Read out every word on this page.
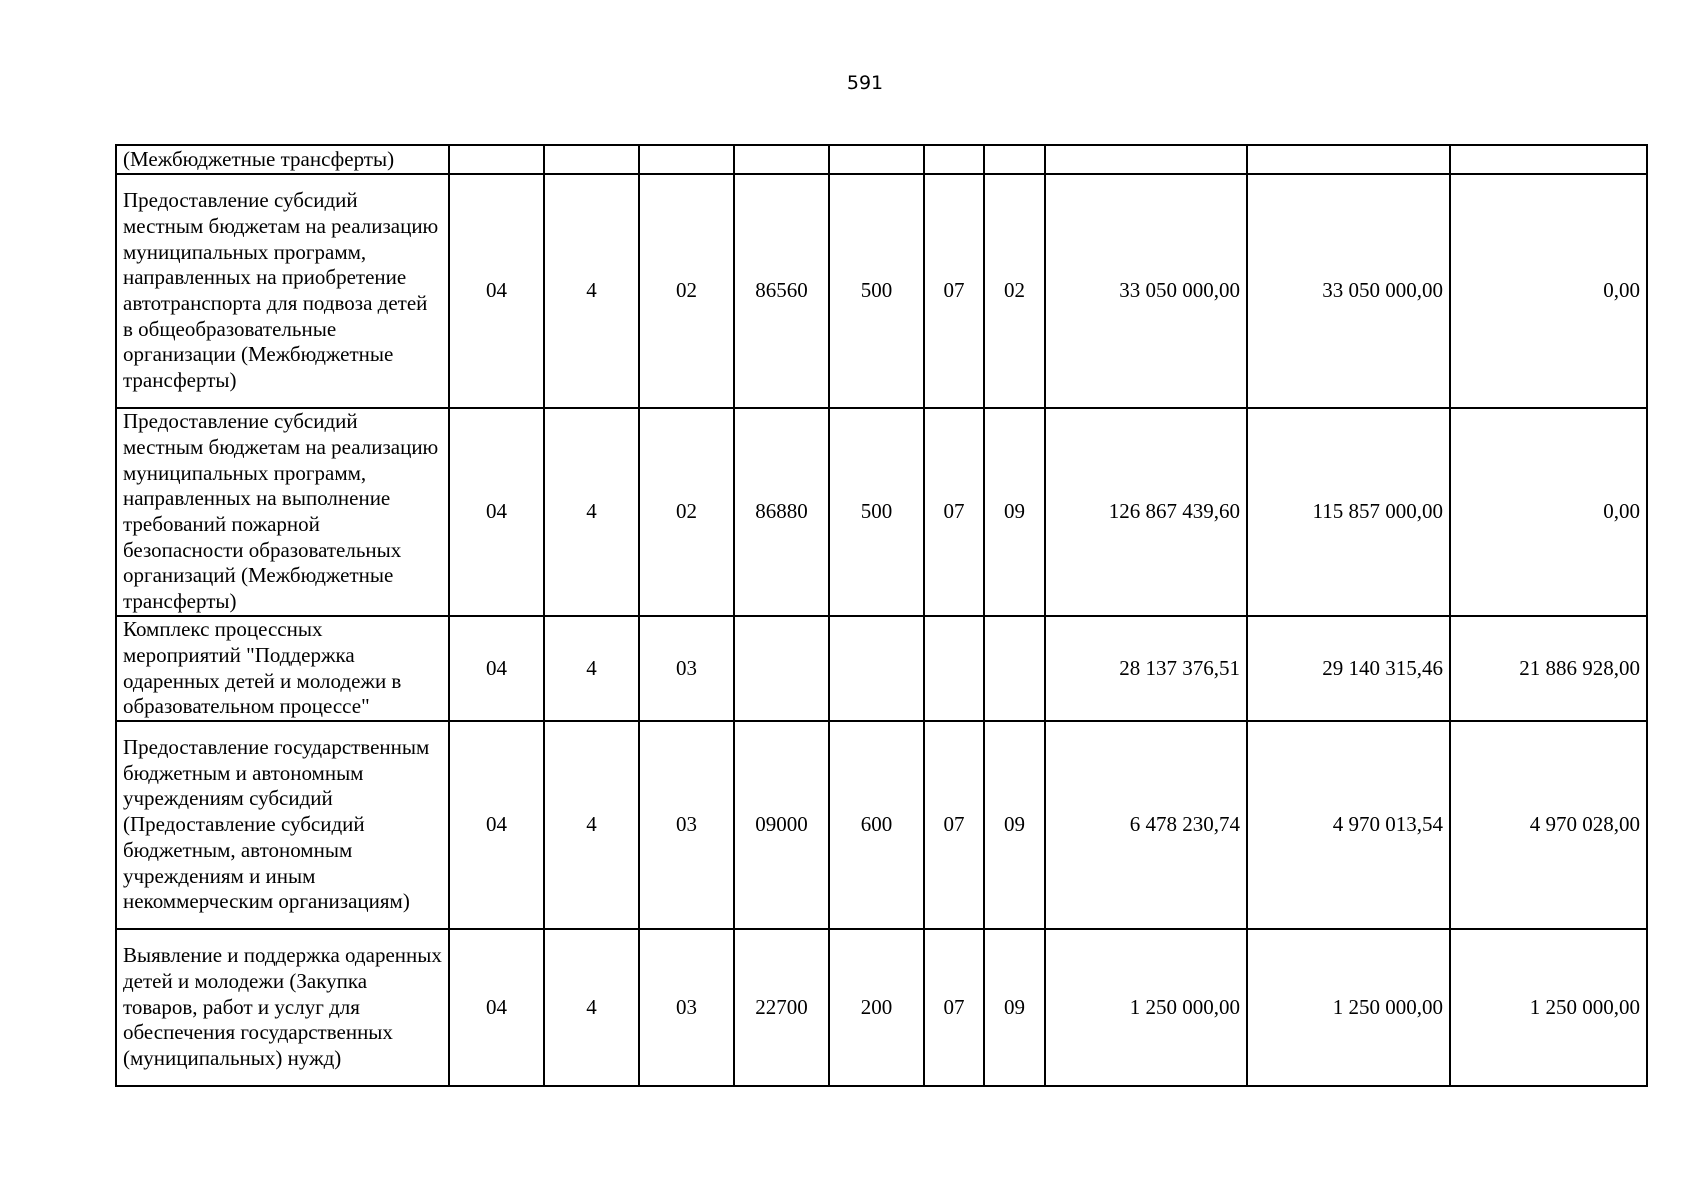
591
(Межбюджетные трансферты)										
Предоставление субсидий местным бюджетам на реализацию муниципальных программ, направленных на приобретение автотранспорта для подвоза детей в общеобразовательные организации (Межбюджетные трансферты)	04	4	02	86560	500	07	02	33 050 000,00	33 050 000,00	0,00
Предоставление субсидий местным бюджетам на реализацию муниципальных программ, направленных на выполнение требований пожарной безопасности образовательных организаций (Межбюджетные трансферты)	04	4	02	86880	500	07	09	126 867 439,60	115 857 000,00	0,00
Комплекс процессных мероприятий "Поддержка одаренных детей и молодежи в образовательном процессе"	04	4	03					28 137 376,51	29 140 315,46	21 886 928,00
Предоставление государственным бюджетным и автономным учреждениям субсидий (Предоставление субсидий бюджетным, автономным учреждениям и иным некоммерческим организациям)	04	4	03	09000	600	07	09	6 478 230,74	4 970 013,54	4 970 028,00
Выявление и поддержка одаренных детей и молодежи (Закупка товаров, работ и услуг для обеспечения государственных (муниципальных) нужд)	04	4	03	22700	200	07	09	1 250 000,00	1 250 000,00	1 250 000,00
